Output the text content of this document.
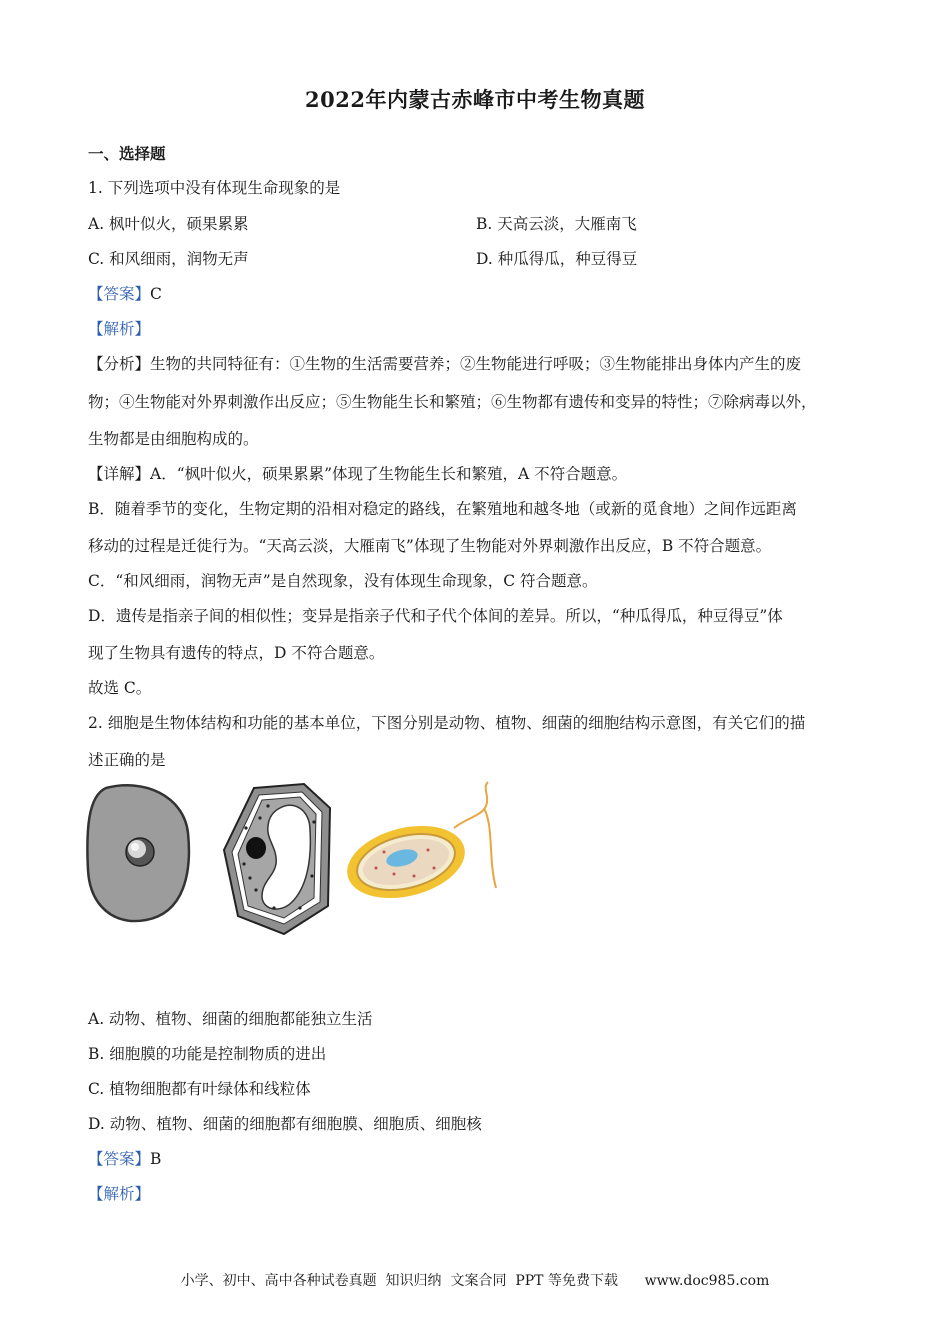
2022年内蒙古赤峰市中考生物真题
一、选择题
1. 下列选项中没有体现生命现象的是
A. 枫叶似火，硕果累累	B. 天高云淡，大雁南飞
C. 和风细雨，润物无声	D. 种瓜得瓜，种豆得豆
【答案】C
【解析】
【分析】生物的共同特征有：①生物的生活需要营养；②生物能进行呼吸；③生物能排出身体内产生的废
物；④生物能对外界刺激作出反应；⑤生物能生长和繁殖；⑥生物都有遗传和变异的特性；⑦除病毒以外，
生物都是由细胞构成的。
【详解】A．“枫叶似火，硕果累累”体现了生物能生长和繁殖，A 不符合题意。
B．随着季节的变化，生物定期的沿相对稳定的路线，在繁殖地和越冬地（或新的觅食地）之间作远距离
移动的过程是迁徙行为。“天高云淡，大雁南飞”体现了生物能对外界刺激作出反应，B 不符合题意。
C．“和风细雨，润物无声”是自然现象，没有体现生命现象，C 符合题意。
D．遗传是指亲子间的相似性；变异是指亲子代和子代个体间的差异。所以，“种瓜得瓜，种豆得豆”体
现了生物具有遗传的特点，D 不符合题意。
故选 C。
2. 细胞是生物体结构和功能的基本单位，下图分别是动物、植物、细菌的细胞结构示意图，有关它们的描
述正确的是
A. 动物、植物、细菌的细胞都能独立生活
B. 细胞膜的功能是控制物质的进出
C. 植物细胞都有叶绿体和线粒体
D. 动物、植物、细菌的细胞都有细胞膜、细胞质、细胞核
【答案】B
【解析】
小学、初中、高中各种试卷真题  知识归纳  文案合同  PPT 等免费下载      www.doc985.com
